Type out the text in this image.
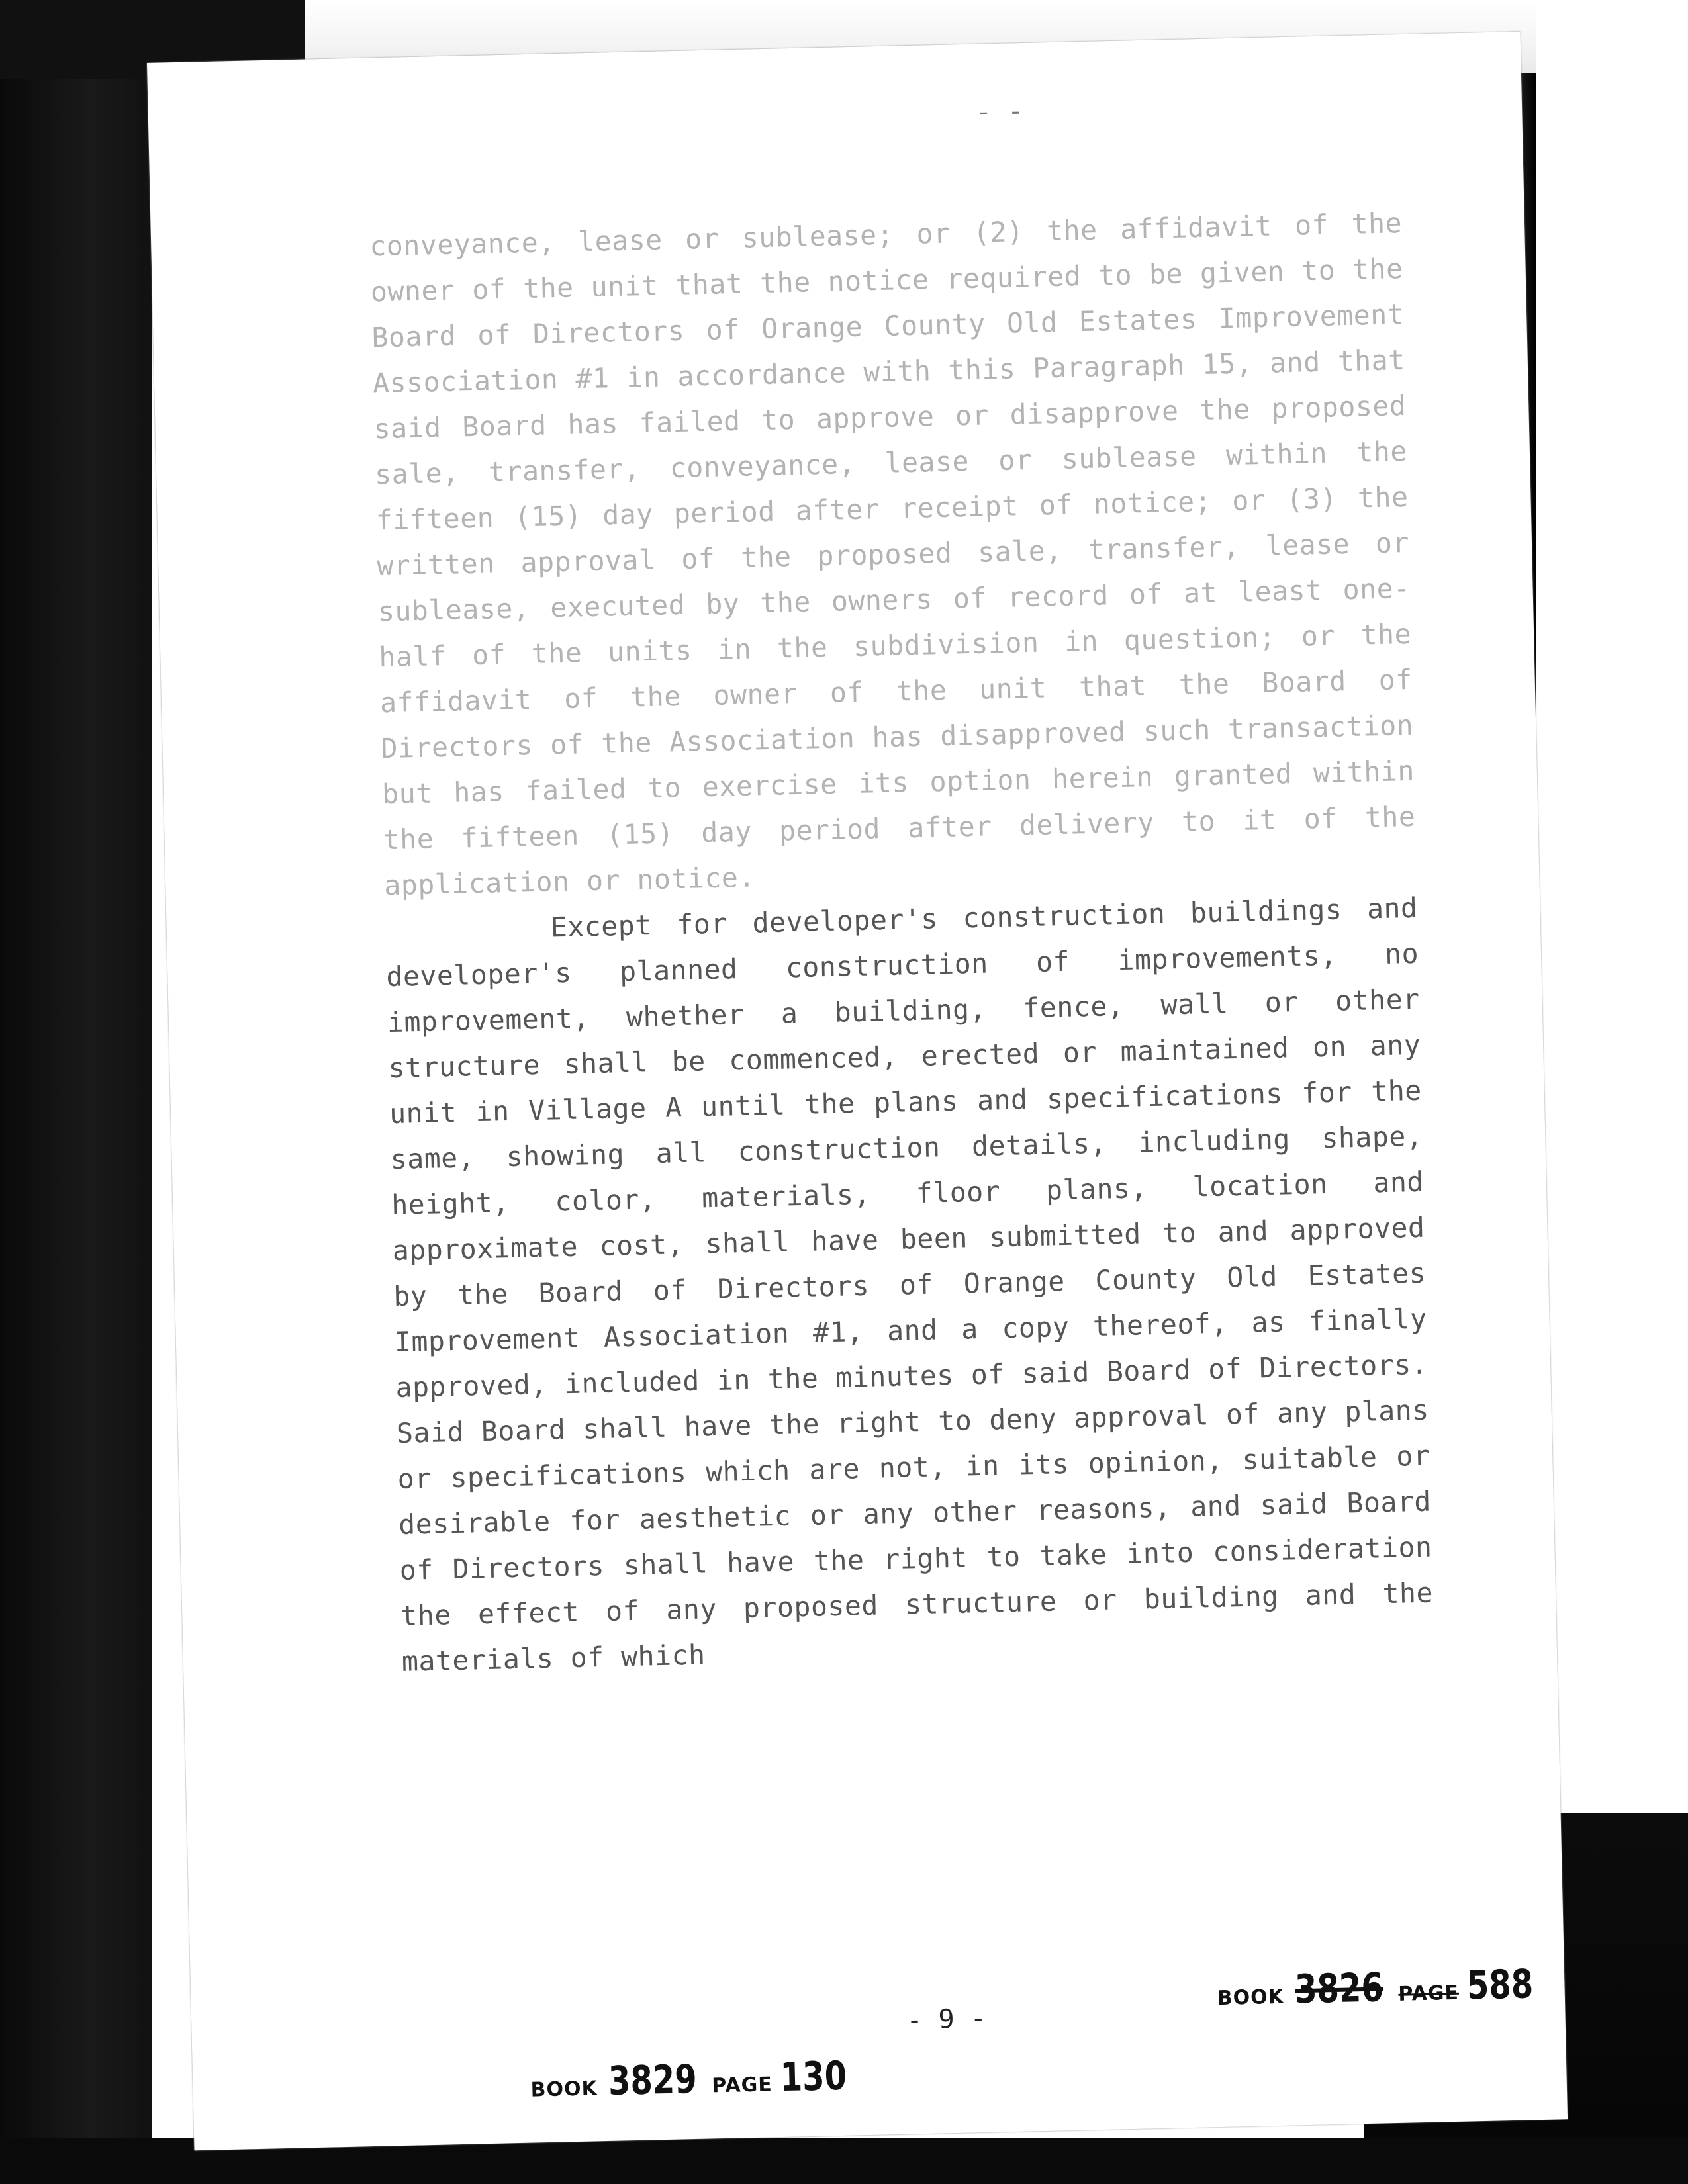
- -

conveyance, lease or sublease; or (2) the affidavit of the owner of the unit that the notice required to be given to the Board of Directors of Orange County Old Estates Improvement Association #1 in accordance with this Paragraph 15, and that said Board has failed to approve or disapprove the proposed sale, transfer, conveyance, lease or sublease within the fifteen (15) day period after receipt of notice; or (3) the written approval of the proposed sale, transfer, lease or sublease, executed by the owners of record of at least one-half of the units in the subdivision in question; or the affidavit of the owner of the unit that the Board of Directors of the Association has disapproved such transaction but has failed to exercise its option herein granted within the fifteen (15) day period after delivery to it of the application or notice.

Except for developer's construction buildings and developer's planned construction of improvements, no improvement, whether a building, fence, wall or other structure shall be commenced, erected or maintained on any unit in Village A until the plans and specifications for the same, showing all construction details, including shape, height, color, materials, floor plans, location and approximate cost, shall have been submitted to and approved by the Board of Directors of Orange County Old Estates Improvement Association #1, and a copy thereof, as finally approved, included in the minutes of said Board of Directors. Said Board shall have the right to deny approval of any plans or specifications which are not, in its opinion, suitable or desirable for aesthetic or any other reasons, and said Board of Directors shall have the right to take into consideration the effect of any proposed structure or building and the materials of which

- 9 -
BOOK 3826 PAGE 588
BOOK 3829 PAGE 130
